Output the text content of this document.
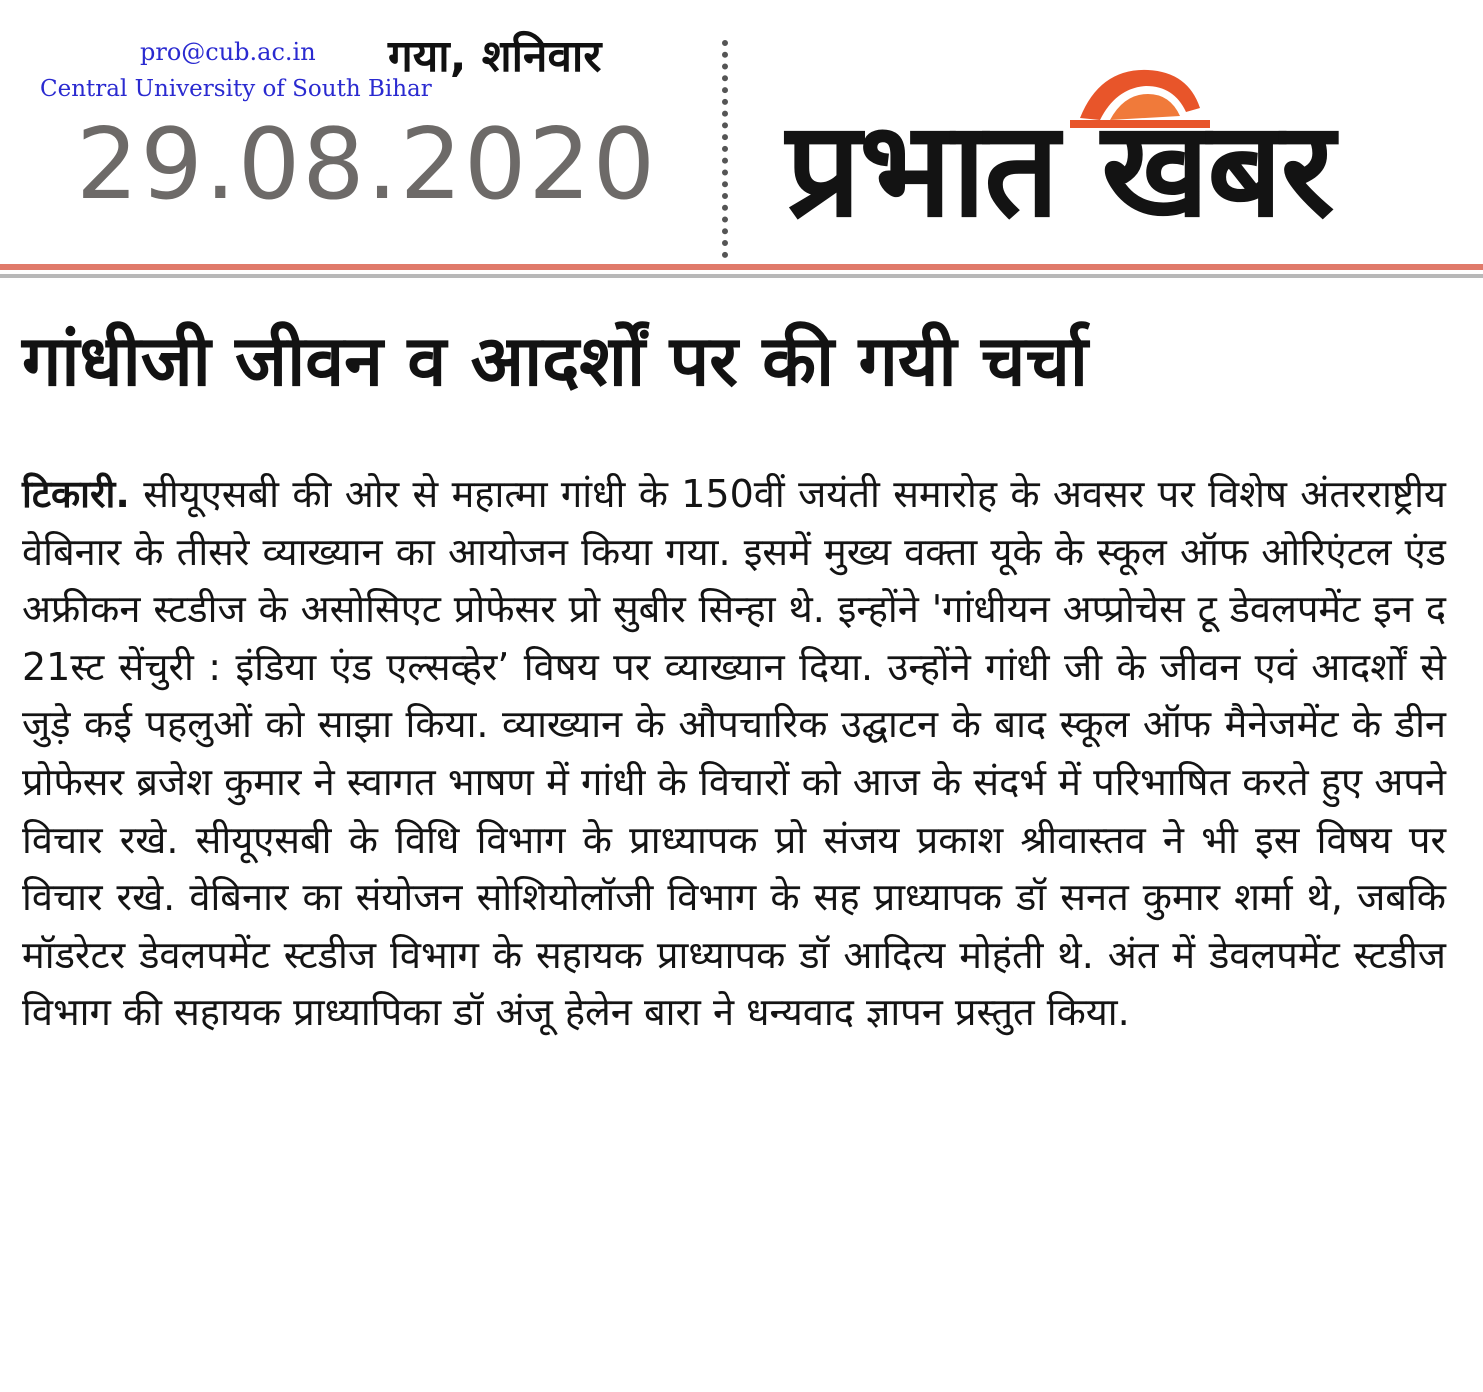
pro@cub.ac.in
Central University of South Bihar
गया, शनिवार
29.08.2020 प्रभात खबर
गांधीजी जीवन व आदर्शों पर की गयी चर्चा
टिकारी. सीयूएसबी की ओर से महात्मा गांधी के 150वीं जयंती समारोह के अवसर पर विशेष अंतरराष्ट्रीय वेबिनार के तीसरे व्याख्यान का आयोजन किया गया. इसमें मुख्य वक्ता यूके के स्कूल ऑफ ओरिएंटल एंड अफ्रीकन स्टडीज के असोसिएट प्रोफेसर प्रो सुबीर सिन्हा थे. इन्होंने 'गांधीयन अप्प्रोचेस टू डेवलपमेंट इन द 21स्ट सेंचुरी : इंडिया एंड एल्सव्हेर’ विषय पर व्याख्यान दिया. उन्होंने गांधी जी के जीवन एवं आदर्शों से जुड़े कई पहलुओं को साझा किया. व्याख्यान के औपचारिक उद्घाटन के बाद स्कूल ऑफ मैनेजमेंट के डीन प्रोफेसर ब्रजेश कुमार ने स्वागत भाषण में गांधी के विचारों को आज के संदर्भ में परिभाषित करते हुए अपने विचार रखे. सीयूएसबी के विधि विभाग के प्राध्यापक प्रो संजय प्रकाश श्रीवास्तव ने भी इस विषय पर विचार रखे. वेबिनार का संयोजन सोशियोलॉजी विभाग के सह प्राध्यापक डॉ सनत कुमार शर्मा थे, जबकि मॉडरेटर डेवलपमेंट स्टडीज विभाग के सहायक प्राध्यापक डॉ आदित्य मोहंती थे. अंत में डेवलपमेंट स्टडीज विभाग की सहायक प्राध्यापिका डॉ अंजू हेलेन बारा ने धन्यवाद ज्ञापन प्रस्तुत किया.
